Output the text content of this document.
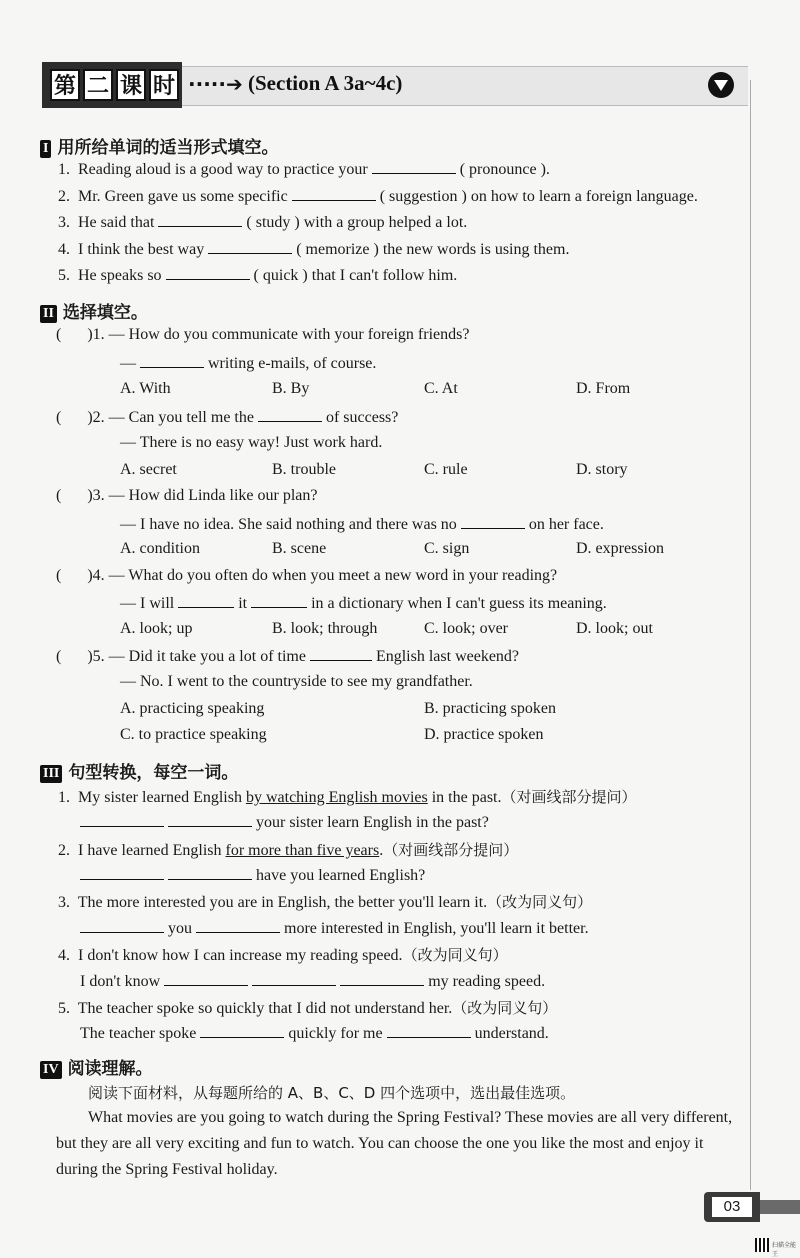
第 二 课 时 ·····➔ (Section A 3a~4c)
I 用所给单词的适当形式填空。
1. Reading aloud is a good way to practice your	( pronounce ).
2. Mr. Green gave us some specific	( suggestion ) on how to learn a foreign language.
3. He said that	( study ) with a group helped a lot.
4. I think the best way	( memorize ) the new words is using them.
5. He speaks so	( quick ) that I can't follow him.
II 选择填空。
( )1. — How do you communicate with your foreign friends?
—	writing e-mails, of course.
A. With	B. By	C. At	D. From
( )2. — Can you tell me the	of success?
— There is no easy way! Just work hard.
A. secret	B. trouble	C. rule	D. story
( )3. — How did Linda like our plan?
— I have no idea. She said nothing and there was no	on her face.
A. condition	B. scene	C. sign	D. expression
( )4. — What do you often do when you meet a new word in your reading?
— I will	it	in a dictionary when I can't guess its meaning.
A. look; up	B. look; through	C. look; over	D. look; out
( )5. — Did it take you a lot of time	English last weekend?
— No. I went to the countryside to see my grandfather.
A. practicing speaking	B. practicing spoken
C. to practice speaking	D. practice spoken
III 句型转换，每空一词。
1. My sister learned English by watching English movies in the past.（对画线部分提问）
your sister learn English in the past?
2. I have learned English for more than five years.（对画线部分提问）
have you learned English?
3. The more interested you are in English, the better you'll learn it.（改为同义句）
you	more interested in English, you'll learn it better.
4. I don't know how I can increase my reading speed.（改为同义句）
I don't know	my reading speed.
5. The teacher spoke so quickly that I did not understand her.（改为同义句）
The teacher spoke	quickly for me	understand.
IV 阅读理解。
阅读下面材料，从每题所给的 A、B、C、D 四个选项中，选出最佳选项。
What movies are you going to watch during the Spring Festival? These movies are all very different, but they are all very exciting and fun to watch. You can choose the one you like the most and enjoy it during the Spring Festival holiday.
03
扫描全能王
